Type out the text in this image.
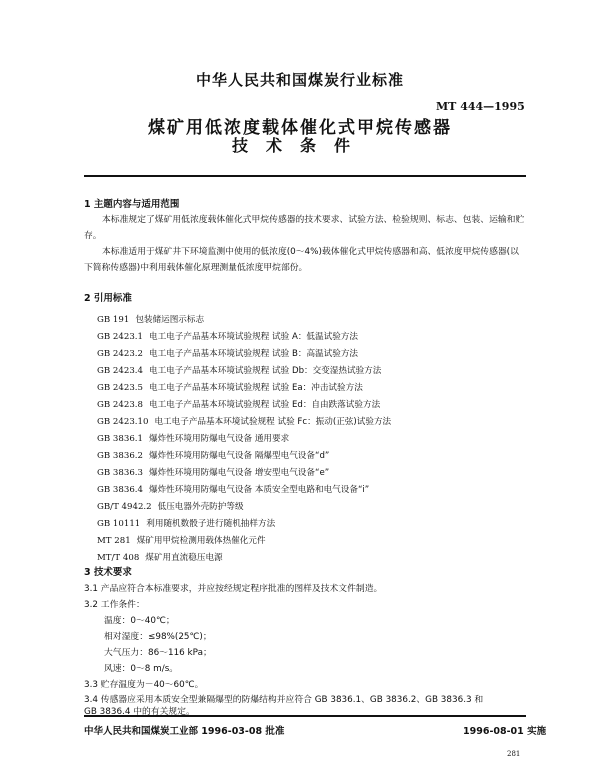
中华人民共和国煤炭行业标准
MT 444—1995
煤矿用低浓度载体催化式甲烷传感器
技术条件
1 主题内容与适用范围
本标准规定了煤矿用低浓度载体催化式甲烷传感器的技术要求、试验方法、检验规则、标志、包装、运输和贮存。
本标准适用于煤矿井下环境监测中使用的低浓度(0～4%)载体催化式甲烷传感器和高、低浓度甲烷传感器(以下简称传感器)中利用载体催化原理测量低浓度甲烷部份。
2 引用标准
GB 191 包装储运图示标志
GB 2423.1 电工电子产品基本环境试验规程 试验 A：低温试验方法
GB 2423.2 电工电子产品基本环境试验规程 试验 B：高温试验方法
GB 2423.4 电工电子产品基本环境试验规程 试验 Db：交变湿热试验方法
GB 2423.5 电工电子产品基本环境试验规程 试验 Ea：冲击试验方法
GB 2423.8 电工电子产品基本环境试验规程 试验 Ed：自由跌落试验方法
GB 2423.10 电工电子产品基本环境试验规程 试验 Fc：振动(正弦)试验方法
GB 3836.1 爆炸性环境用防爆电气设备 通用要求
GB 3836.2 爆炸性环境用防爆电气设备 隔爆型电气设备“d”
GB 3836.3 爆炸性环境用防爆电气设备 增安型电气设备“e”
GB 3836.4 爆炸性环境用防爆电气设备 本质安全型电路和电气设备“i”
GB/T 4942.2 低压电器外壳防护等级
GB 10111 利用随机数骰子进行随机抽样方法
MT 281 煤矿用甲烷检测用载体热催化元件
MT/T 408 煤矿用直流稳压电源
3 技术要求
3.1 产品应符合本标准要求，并应按经规定程序批准的图样及技术文件制造。
3.2 工作条件：
温度：0～40℃；
相对湿度：≤98%(25℃)；
大气压力：86～116 kPa；
风速：0～8 m/s。
3.3 贮存温度为－40～60℃。
中华人民共和国煤炭工业部 1996-03-08 批准	1996-08-01 实施
281
3.4 传感器应采用本质安全型兼隔爆型的防爆结构并应符合 GB 3836.1、GB 3836.2、GB 3836.3 和
GB 3836.4 中的有关规定。
